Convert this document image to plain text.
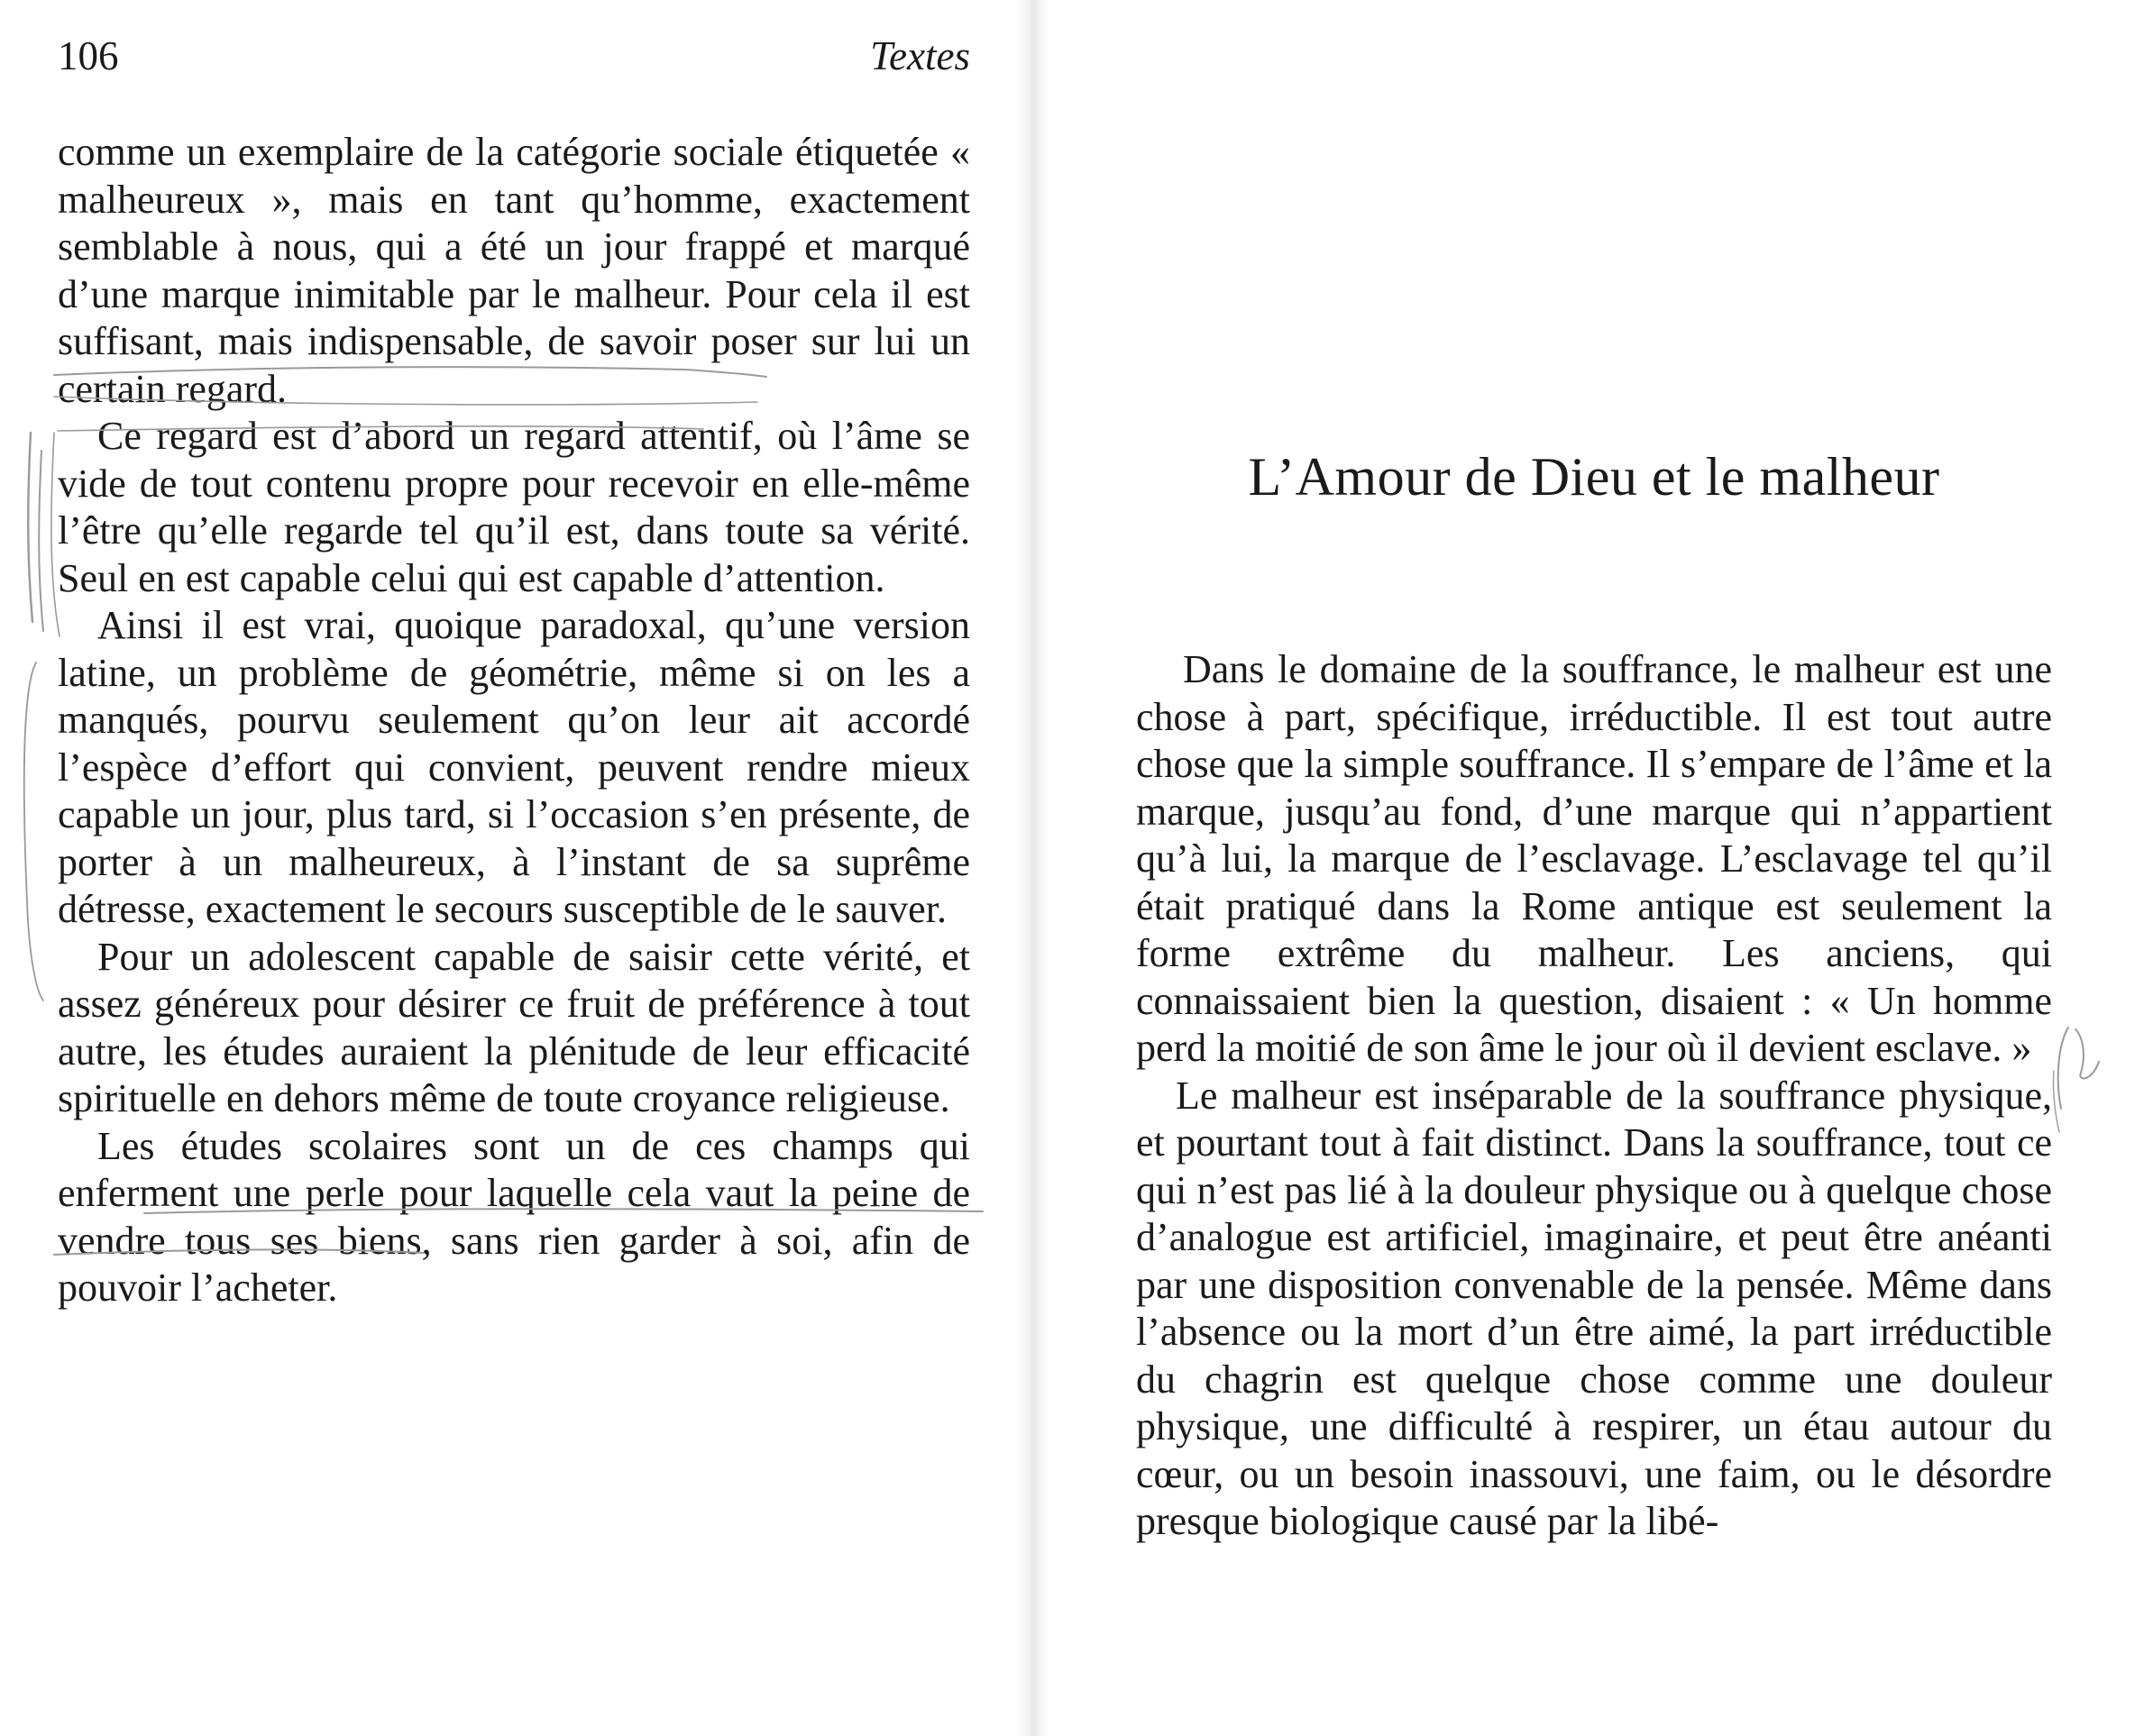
106	Textes

comme un exemplaire de la catégorie sociale étiquetée « malheureux », mais en tant qu’homme, exactement semblable à nous, qui a été un jour frappé et marqué d’une marque inimitable par le malheur. Pour cela il est suffisant, mais indispensable, de savoir poser sur lui un certain regard.

Ce regard est d’abord un regard attentif, où l’âme se vide de tout contenu propre pour recevoir en elle-même l’être qu’elle regarde tel qu’il est, dans toute sa vérité. Seul en est capable celui qui est capable d’attention.

Ainsi il est vrai, quoique paradoxal, qu’une version latine, un problème de géométrie, même si on les a manqués, pourvu seulement qu’on leur ait accordé l’espèce d’effort qui convient, peuvent rendre mieux capable un jour, plus tard, si l’occasion s’en présente, de porter à un malheureux, à l’instant de sa suprême détresse, exactement le secours susceptible de le sauver.

Pour un adolescent capable de saisir cette vérité, et assez généreux pour désirer ce fruit de préférence à tout autre, les études auraient la plénitude de leur efficacité spirituelle en dehors même de toute croyance religieuse.

Les études scolaires sont un de ces champs qui enferment une perle pour laquelle cela vaut la peine de vendre tous ses biens, sans rien garder à soi, afin de pouvoir l’acheter.

L’Amour de Dieu et le malheur

Dans le domaine de la souffrance, le malheur est une chose à part, spécifique, irréductible. Il est tout autre chose que la simple souffrance. Il s’empare de l’âme et la marque, jusqu’au fond, d’une marque qui n’appartient qu’à lui, la marque de l’esclavage. L’esclavage tel qu’il était pratiqué dans la Rome antique est seulement la forme extrême du malheur. Les anciens, qui connaissaient bien la question, disaient : « Un homme perd la moitié de son âme le jour où il devient esclave. »

Le malheur est inséparable de la souffrance physique, et pourtant tout à fait distinct. Dans la souffrance, tout ce qui n’est pas lié à la douleur physique ou à quelque chose d’analogue est artificiel, imaginaire, et peut être anéanti par une disposition convenable de la pensée. Même dans l’absence ou la mort d’un être aimé, la part irréductible du chagrin est quelque chose comme une douleur physique, une difficulté à respirer, un étau autour du cœur, ou un besoin inassouvi, une faim, ou le désordre presque biologique causé par la libé-
